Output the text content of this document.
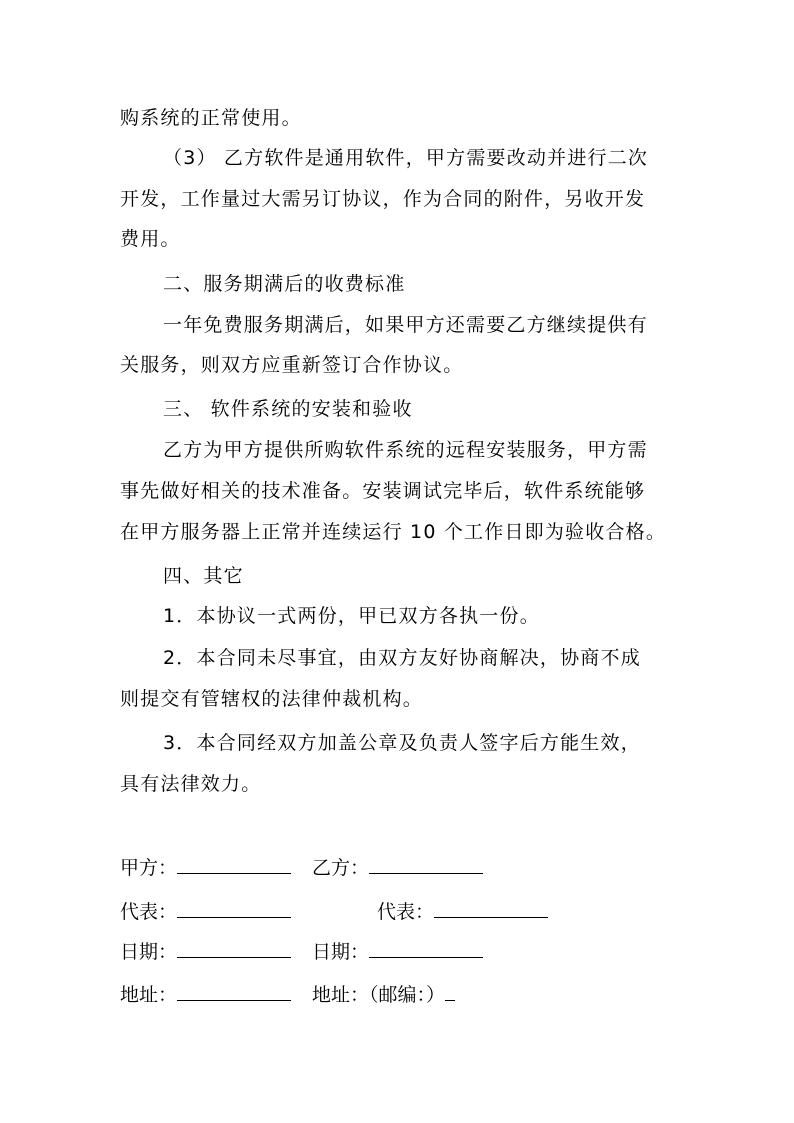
购系统的正常使用。
（3） 乙方软件是通用软件，甲方需要改动并进行二次
开发，工作量过大需另订协议，作为合同的附件，另收开发
费用。
二、服务期满后的收费标准
一年免费服务期满后，如果甲方还需要乙方继续提供有
关服务，则双方应重新签订合作协议。
三、 软件系统的安装和验收
乙方为甲方提供所购软件系统的远程安装服务，甲方需
事先做好相关的技术准备。安装调试完毕后，软件系统能够
在甲方服务器上正常并连续运行 10 个工作日即为验收合格。
四、其它
1．本协议一式两份，甲已双方各执一份。
2．本合同未尽事宜，由双方友好协商解决，协商不成
则提交有管辖权的法律仲裁机构。
3．本合同经双方加盖公章及负责人签字后方能生效，
具有法律效力。
甲方：	乙方：
代表：	代表：
日期：	日期：
地址：	地址：（邮编：）
